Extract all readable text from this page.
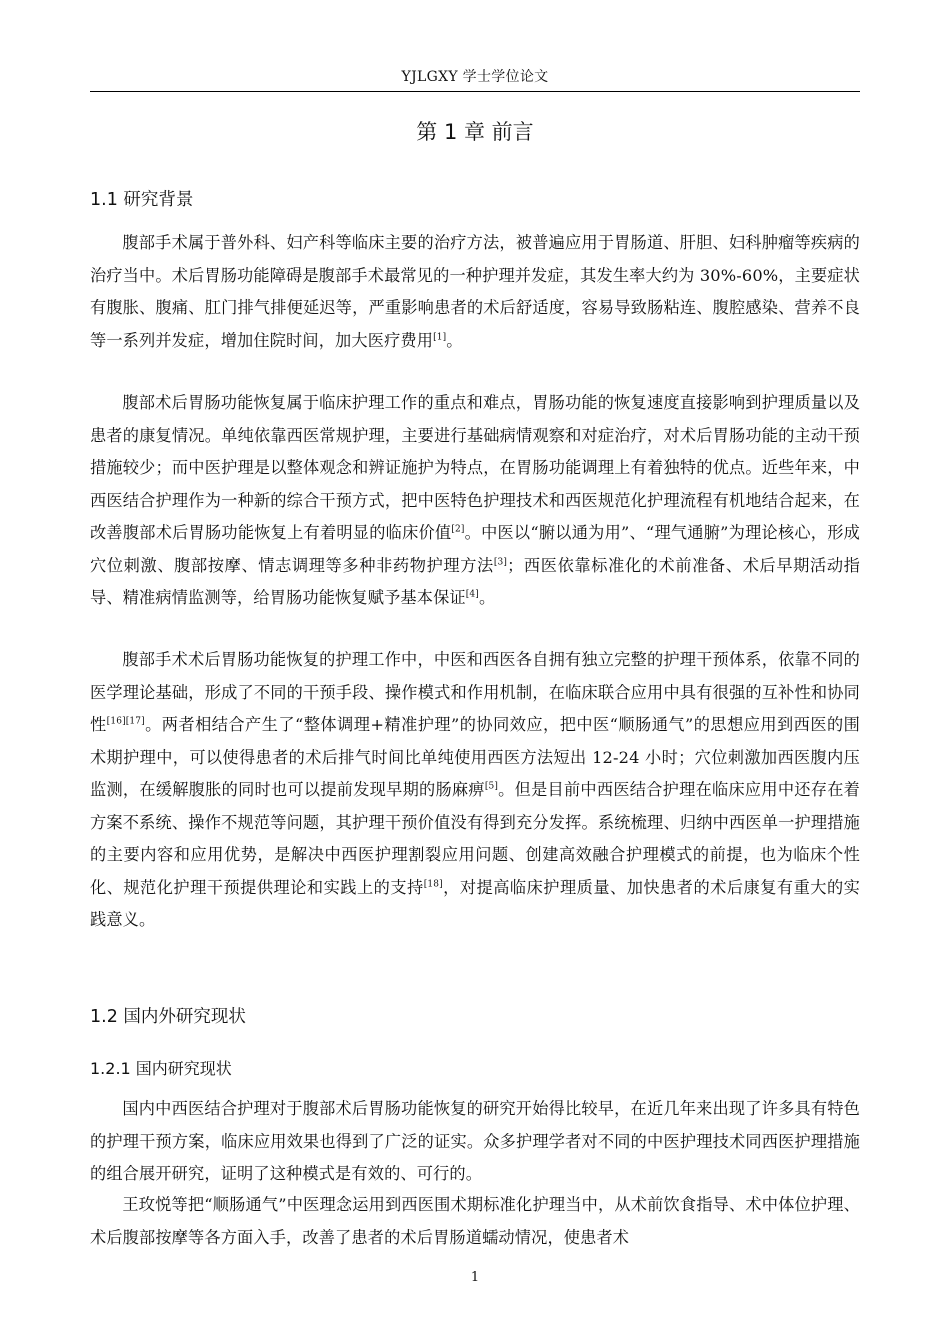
YJLGXY 学士学位论文
第 1 章 前言
1.1 研究背景

腹部手术属于普外科、妇产科等临床主要的治疗方法，被普遍应用于胃肠道、肝胆、妇科肿瘤等疾病的治疗当中。术后胃肠功能障碍是腹部手术最常见的一种护理并发症，其发生率大约为 30%-60%，主要症状有腹胀、腹痛、肛门排气排便延迟等，严重影响患者的术后舒适度，容易导致肠粘连、腹腔感染、营养不良等一系列并发症，增加住院时间，加大医疗费用[1]。

腹部术后胃肠功能恢复属于临床护理工作的重点和难点，胃肠功能的恢复速度直接影响到护理质量以及患者的康复情况。单纯依靠西医常规护理，主要进行基础病情观察和对症治疗，对术后胃肠功能的主动干预措施较少；而中医护理是以整体观念和辨证施护为特点，在胃肠功能调理上有着独特的优点。近些年来，中西医结合护理作为一种新的综合干预方式，把中医特色护理技术和西医规范化护理流程有机地结合起来，在改善腹部术后胃肠功能恢复上有着明显的临床价值[2]。中医以“腑以通为用”、“理气通腑”为理论核心，形成穴位刺激、腹部按摩、情志调理等多种非药物护理方法[3]；西医依靠标准化的术前准备、术后早期活动指导、精准病情监测等，给胃肠功能恢复赋予基本保证[4]。

腹部手术术后胃肠功能恢复的护理工作中，中医和西医各自拥有独立完整的护理干预体系，依靠不同的医学理论基础，形成了不同的干预手段、操作模式和作用机制，在临床联合应用中具有很强的互补性和协同性[16][17]。两者相结合产生了“整体调理+精准护理”的协同效应，把中医“顺肠通气”的思想应用到西医的围术期护理中，可以使得患者的术后排气时间比单纯使用西医方法短出 12-24 小时；穴位刺激加西医腹内压监测，在缓解腹胀的同时也可以提前发现早期的肠麻痹[5]。但是目前中西医结合护理在临床应用中还存在着方案不系统、操作不规范等问题，其护理干预价值没有得到充分发挥。系统梳理、归纳中西医单一护理措施的主要内容和应用优势，是解决中西医护理割裂应用问题、创建高效融合护理模式的前提，也为临床个性化、规范化护理干预提供理论和实践上的支持[18]，对提高临床护理质量、加快患者的术后康复有重大的实践意义。

1.2 国内外研究现状
1.2.1 国内研究现状

国内中西医结合护理对于腹部术后胃肠功能恢复的研究开始得比较早，在近几年来出现了许多具有特色的护理干预方案，临床应用效果也得到了广泛的证实。众多护理学者对不同的中医护理技术同西医护理措施的组合展开研究，证明了这种模式是有效的、可行的。

王玫悦等把“顺肠通气”中医理念运用到西医围术期标准化护理当中，从术前饮食指导、术中体位护理、术后腹部按摩等各方面入手，改善了患者的术后胃肠道蠕动情况，使患者术

1
